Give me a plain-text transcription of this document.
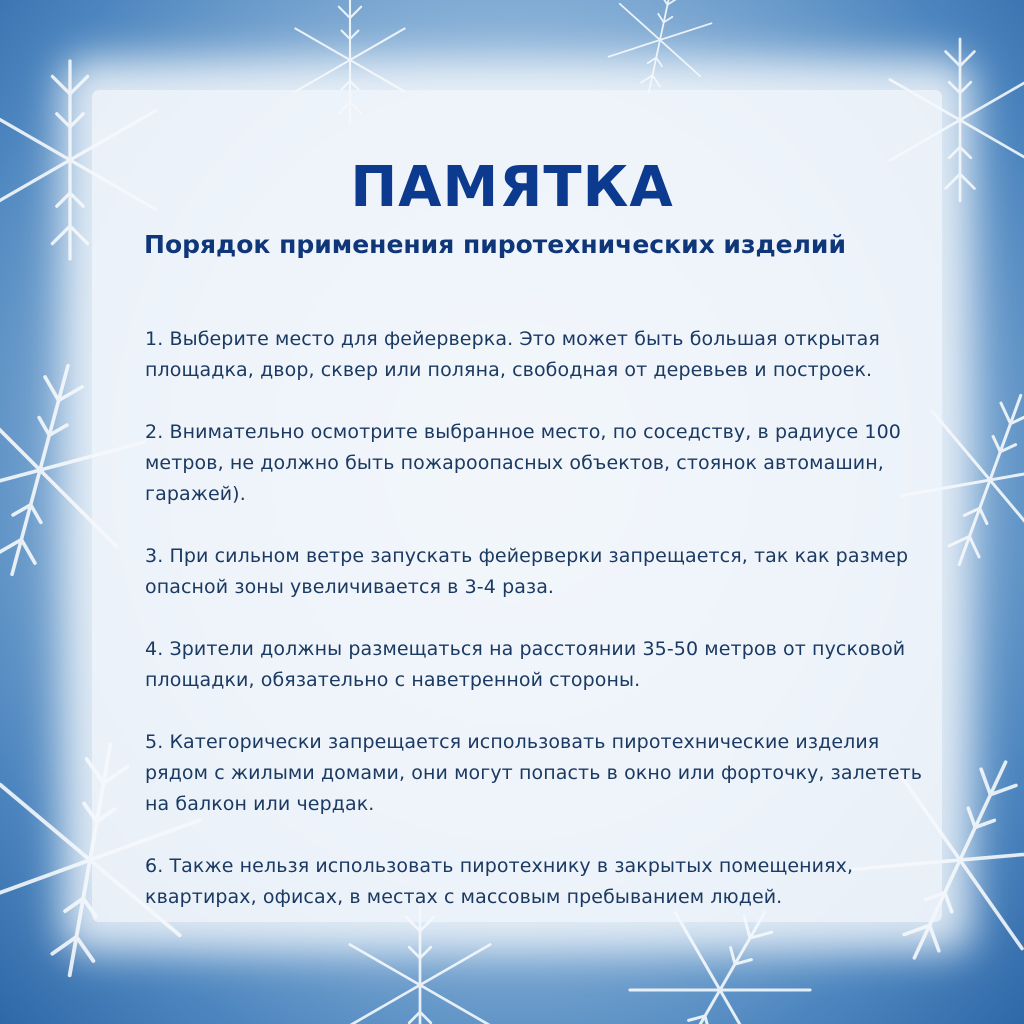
ПАМЯТКА
Порядок применения пиротехнических изделий
1. Выберите место для фейерверка. Это может быть большая открытая площадка, двор, сквер или поляна, свободная от деревьев и построек.
2. Внимательно осмотрите выбранное место, по соседству, в радиусе 100 метров, не должно быть пожароопасных объектов, стоянок автомашин, гаражей).
3. При сильном ветре запускать фейерверки запрещается, так как размер опасной зоны увеличивается в 3-4 раза.
4. Зрители должны размещаться на расстоянии 35-50 метров от пусковой площадки, обязательно с наветренной стороны.
5. Категорически запрещается использовать пиротехнические изделия рядом с жилыми домами, они могут попасть в окно или форточку, залететь на балкон или чердак.
6. Также нельзя использовать пиротехнику в закрытых помещениях, квартирах, офисах, в местах с массовым пребыванием людей.
